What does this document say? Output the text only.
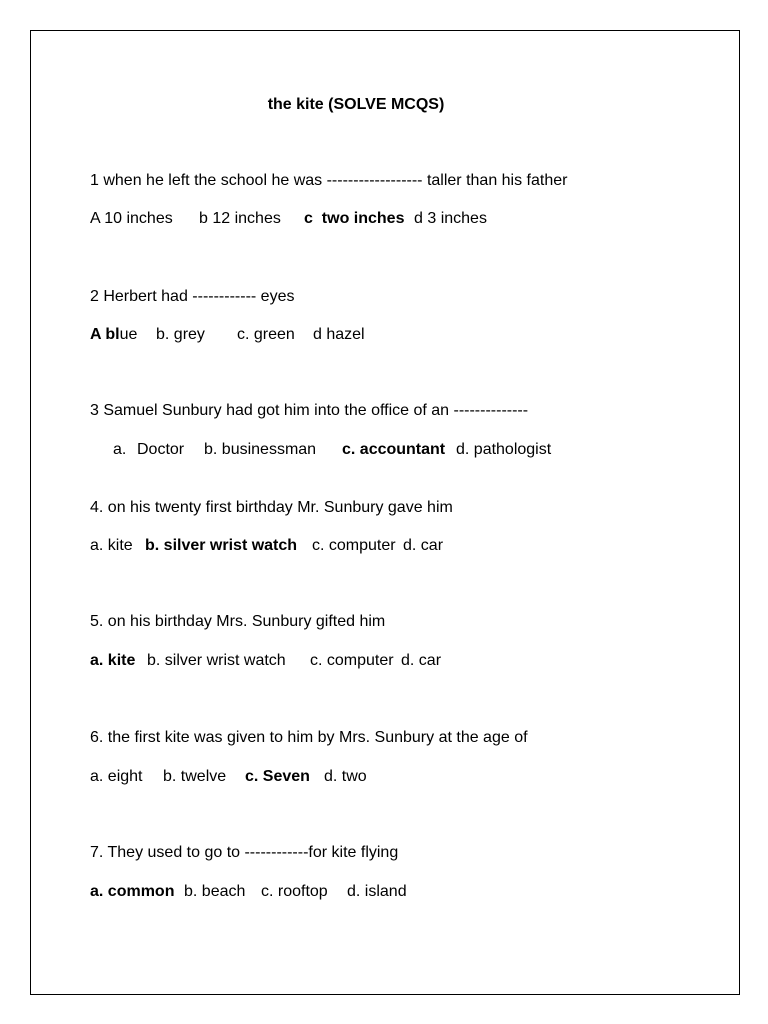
the kite (SOLVE MCQS)
1 when he left the school he was ------------------ taller than his father
A 10 inches b 12 inches c  two inches d 3 inches
2 Herbert had ------------ eyes
A blue b. grey c. green d hazel
3 Samuel Sunbury had got him into the office of an --------------
a. Doctor b. businessman c. accountant d. pathologist
4. on his twenty first birthday Mr. Sunbury gave him
a. kite b. silver wrist watch c. computer d. car
5. on his birthday Mrs. Sunbury gifted him
a. kite b. silver wrist watch c. computer d. car
6. the first kite was given to him by Mrs. Sunbury at the age of
a. eight b. twelve c. Seven d. two
7. They used to go to ------------for kite flying
a. common b. beach c. rooftop d. island
